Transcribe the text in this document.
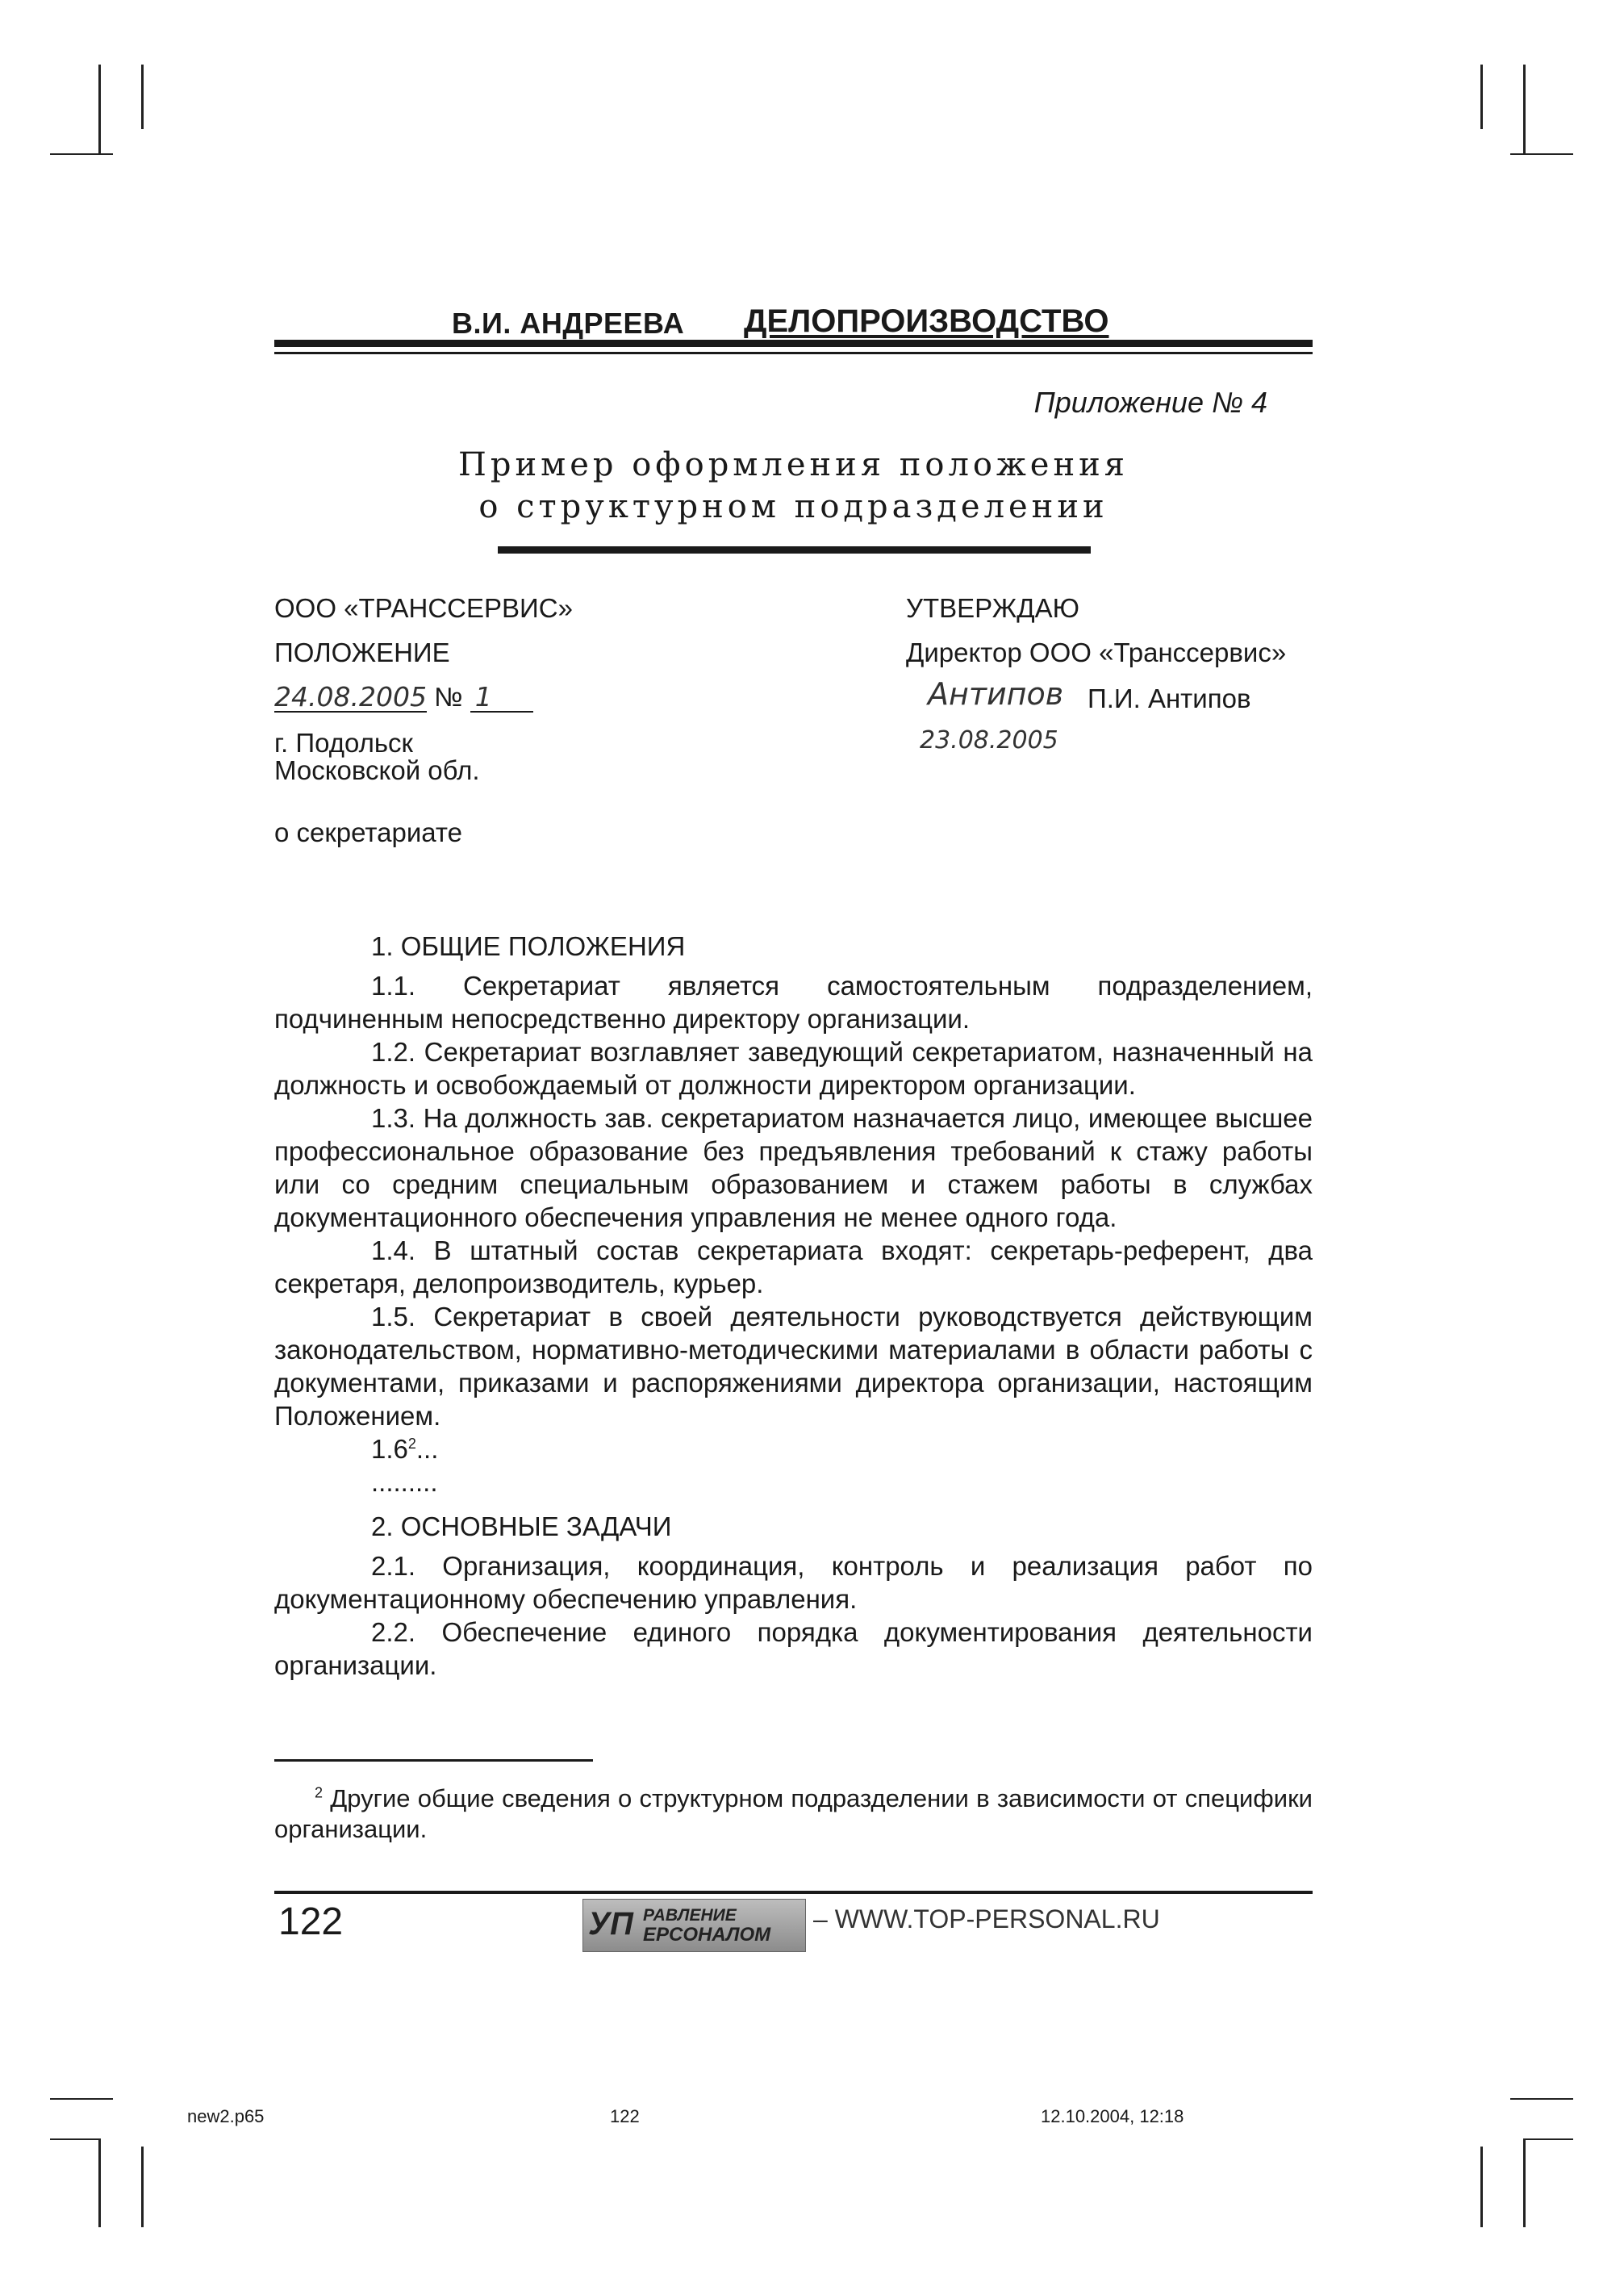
В.И. АНДРЕЕВА ДЕЛОПРОИЗВОДСТВО
Приложение № 4
Пример оформления положения
о структурном подразделении
ООО «ТРАНССЕРВИС»
ПОЛОЖЕНИЕ
24.08.2005 № 1
г. Подольск
Московской обл.
о секретариате
УТВЕРЖДАЮ
Директор ООО «Транссервис»
Антипов П.И. Антипов
23.08.2005

1. ОБЩИЕ ПОЛОЖЕНИЯ

1.1. Секретариат является самостоятельным подразделением, подчиненным непосредственно директору организации.

1.2. Секретариат возглавляет заведующий секретариатом, назначенный на должность и освобождаемый от должности директором организации.

1.3. На должность зав. секретариатом назначается лицо, имеющее высшее профессиональное образование без предъявления требований к стажу работы или со средним специальным образованием и стажем работы в службах документационного обеспечения управления не менее одного года.

1.4. В штатный состав секретариата входят: секретарь-референт, два секретаря, делопроизводитель, курьер.

1.5. Секретариат в своей деятельности руководствуется действующим законодательством, нормативно-методическими материалами в области работы с документами, приказами и распоряжениями директора организации, настоящим Положением.

$1.6^2$...

.........

2. ОСНОВНЫЕ ЗАДАЧИ

2.1. Организация, координация, контроль и реализация работ по документационному обеспечению управления.

2.2. Обеспечение единого порядка документирования деятельности организации.

$^2$ Другие общие сведения о структурном подразделении в зависимости от специфики организации.
122	УП РАВЛЕНИЕ
ЕРСОНАЛОМ
– WWW.TOP-PERSONAL.RU
new2.p65	122	12.10.2004, 12:18
